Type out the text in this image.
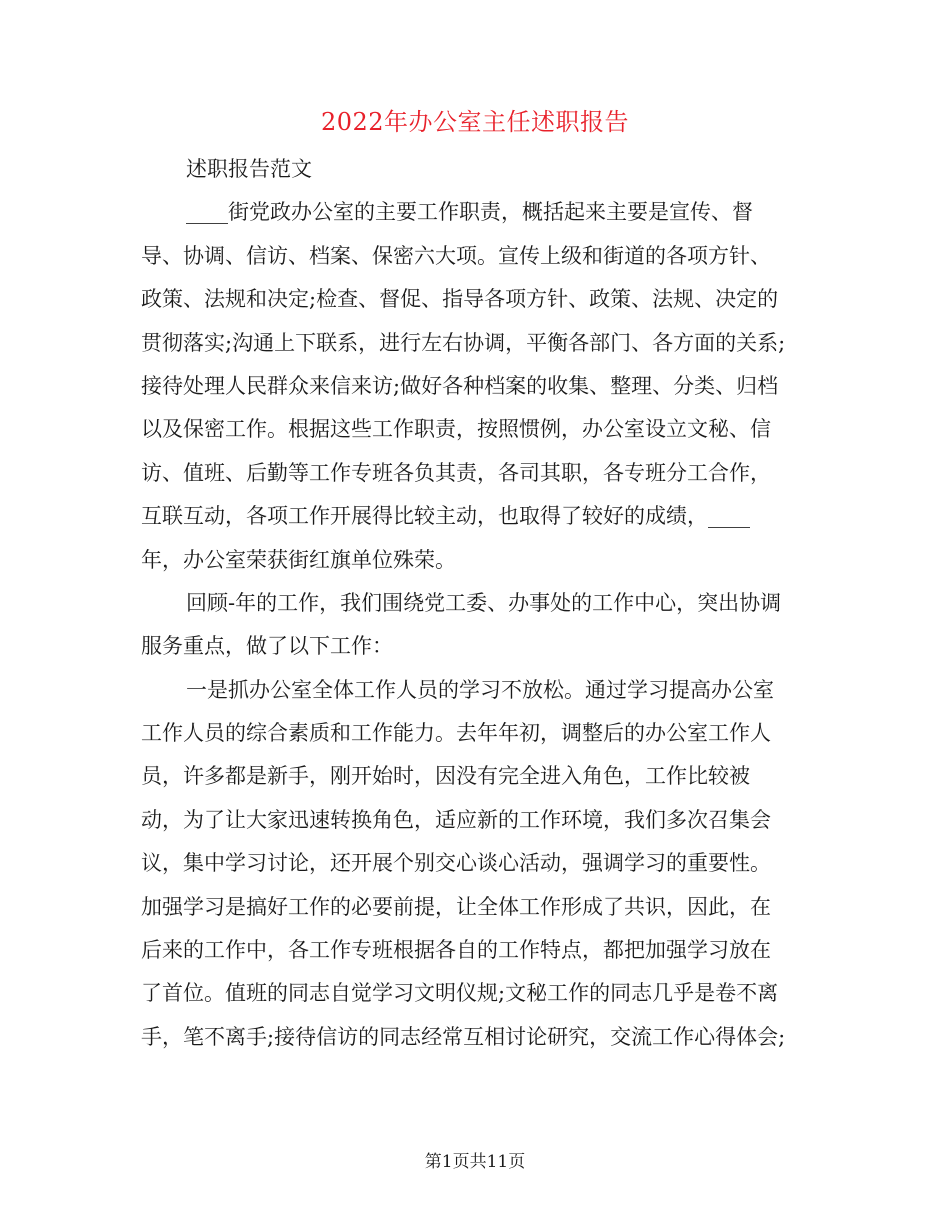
2022年办公室主任述职报告
述职报告范文
____街党政办公室的主要工作职责，概括起来主要是宣传、督
导、协调、信访、档案、保密六大项。宣传上级和街道的各项方针、
政策、法规和决定;检查、督促、指导各项方针、政策、法规、决定的
贯彻落实;沟通上下联系，进行左右协调，平衡各部门、各方面的关系;
接待处理人民群众来信来访;做好各种档案的收集、整理、分类、归档
以及保密工作。根据这些工作职责，按照惯例，办公室设立文秘、信
访、值班、后勤等工作专班各负其责，各司其职，各专班分工合作，
互联互动，各项工作开展得比较主动，也取得了较好的成绩，____
年，办公室荣获街红旗单位殊荣。
回顾-年的工作，我们围绕党工委、办事处的工作中心，突出协调
服务重点，做了以下工作：
一是抓办公室全体工作人员的学习不放松。通过学习提高办公室
工作人员的综合素质和工作能力。去年年初，调整后的办公室工作人
员，许多都是新手，刚开始时，因没有完全进入角色，工作比较被
动，为了让大家迅速转换角色，适应新的工作环境，我们多次召集会
议，集中学习讨论，还开展个别交心谈心活动，强调学习的重要性。
加强学习是搞好工作的必要前提，让全体工作形成了共识，因此，在
后来的工作中，各工作专班根据各自的工作特点，都把加强学习放在
了首位。值班的同志自觉学习文明仪规;文秘工作的同志几乎是卷不离
手，笔不离手;接待信访的同志经常互相讨论研究，交流工作心得体会;
第1页共11页
